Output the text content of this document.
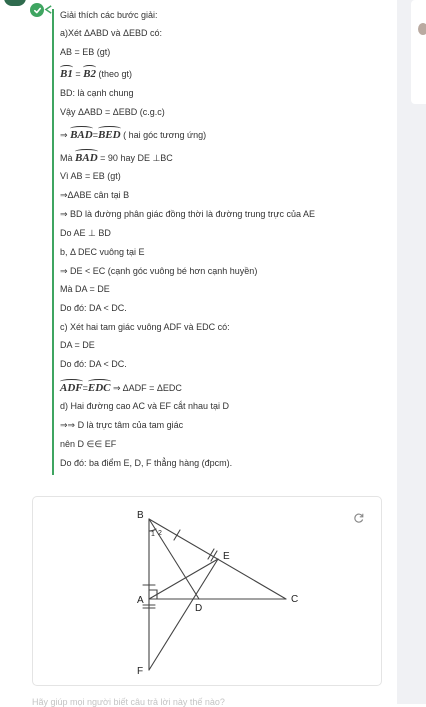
Giải thích các bước giải:
a)Xét ΔABD và ΔEBD có:
AB = EB (gt)
B1 = B2 (theo gt)
BD: là cạnh chung
Vậy ΔABD = ΔEBD (c.g.c)
⇒ BAD=BED ( hai góc tương ứng)
Mà BAD = 90 hay DE ⊥BC
Vì AB = EB (gt)
⇒ΔABE cân tại B
⇒ BD là đường phân giác đồng thời là đường trung trực của AE
Do AE ⊥ BD
b, Δ DEC vuông tại E
⇒ DE < EC (cạnh góc vuông bé hơn cạnh huyền)
Mà DA = DE
Do đó: DA < DC.
c) Xét hai tam giác vuông ADF và EDC có:
DA = DE
Do đó: DA < DC.
ADF=EDC ⇒ ΔADF = ΔEDC
d) Hai đường cao AC và EF cắt nhau tại D
⇒⇒ D là trực tâm của tam giác
nên D ∈∈ EF
Do đó: ba điểm E, D, F thẳng hàng (đpcm).
B
1 2
E
A
D
C
F
Hãy giúp mọi người biết câu trả lời này thế nào?
